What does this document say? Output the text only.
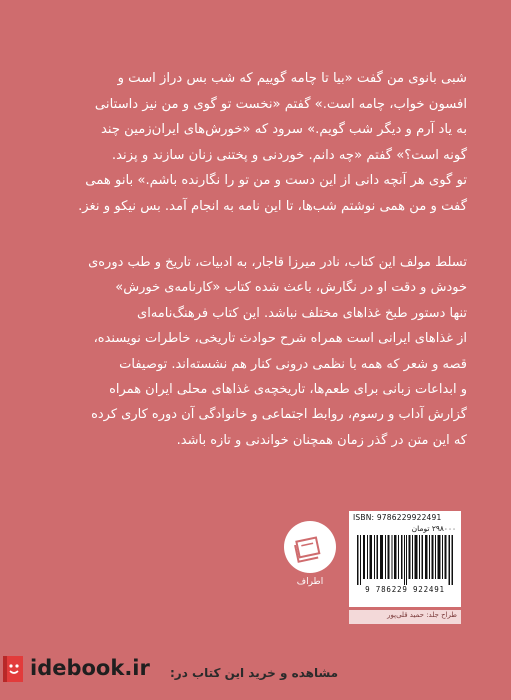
شبی بانوی من گفت «بیا تا چامه گوییم که شب بس دراز است و

افسون خواب، چامه است.» گفتم «نخست تو گوی و من نیز داستانی

به یاد آرم و دیگر شب گویم.» سرود که «خورش‌های ایران‌زمین چند

گونه است؟» گفتم «چه دانم. خوردنی و پختنی زنان سازند و پزند.

تو گوی هر آنچه دانی از این دست و من تو را نگارنده باشم.» بانو همی

گفت و من همی نوشتم شب‌ها، تا این نامه به انجام آمد. بس نیکو و نغز.

تسلط مولف این کتاب، نادر میرزا قاجار، به ادبیات، تاریخ و طب دوره‌ی

خودش و دقت او در نگارش، باعث شده کتاب «کارنامه‌ی خورش»

تنها دستور طبخ غذاهای مختلف نباشد. این کتاب فرهنگ‌نامه‌ای

از غذاهای ایرانی است همراه شرح حوادث تاریخی، خاطرات نویسنده،

قصه و شعر که همه با نظمی درونی کنار هم نشسته‌اند. توصیفات

و ابداعات زبانی برای طعم‌ها، تاریخچه‌ی غذاهای محلی ایران همراه

گزارش آداب و رسوم، روابط اجتماعی و خانوادگی آن دوره کاری کرده

که این متن در گذر زمان همچنان خواندنی و تازه باشد.

اطراف
ISBN: 9786229922491
۲۹۸۰۰۰ تومان
9 786229 922491
طراح جلد: حمید قلی‌پور
idebook.ir مشاهده و خرید این کتاب در:
